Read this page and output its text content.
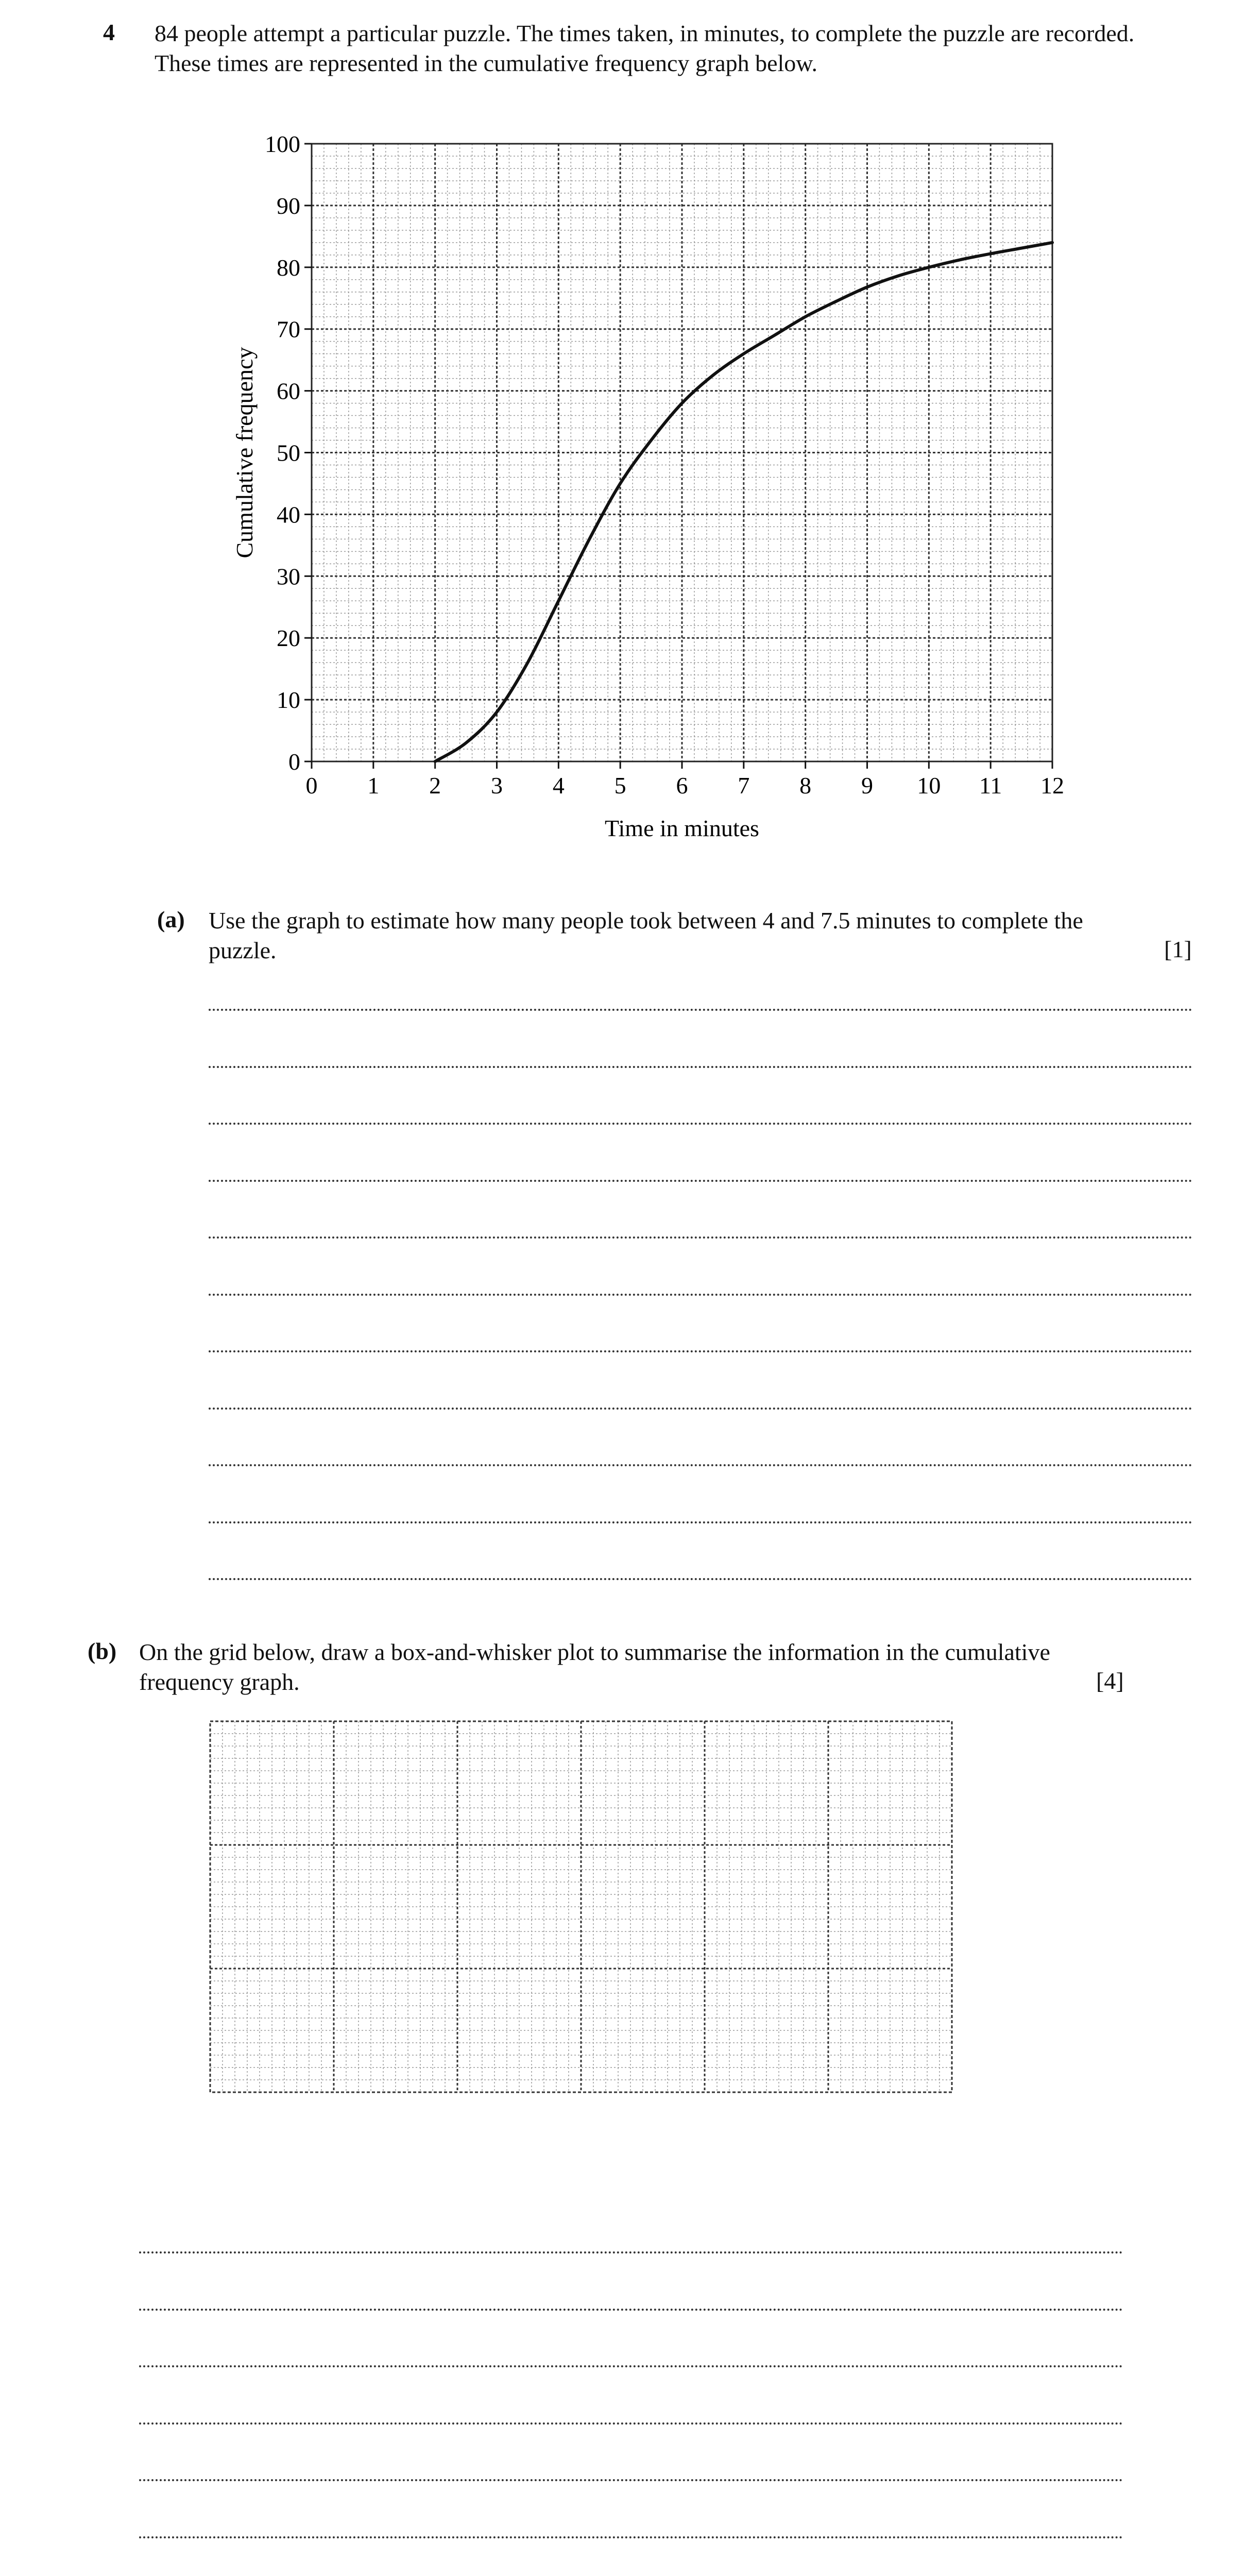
4 84 people attempt a particular puzzle. The times taken, in minutes, to complete the puzzle are recorded.
These times are represented in the cumulative frequency graph below.
0 1 2 3 4 5 6 7 8 9 10 11 12
0
10
20
30
40
50
60
70
80
90
100
Time in minutes
Cumulative frequency
(a) Use the graph to estimate how many people took between 4 and 7.5 minutes to complete the
puzzle.	[1]
(b) On the grid below, draw a box-and-whisker plot to summarise the information in the cumulative
frequency graph.	[4]
